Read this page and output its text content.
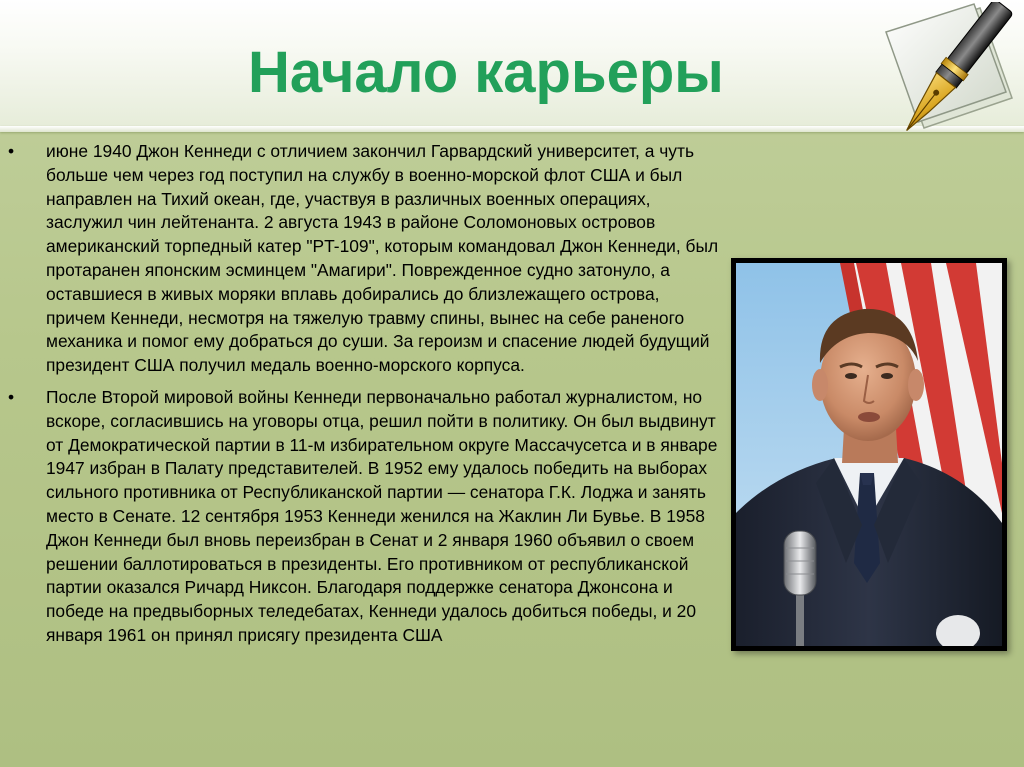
Начало карьеры
•	июне 1940 Джон Кеннеди с отличием закончил Гарвардский университет, а чуть больше чем через год поступил на службу в военно-морской флот США и был направлен на Тихий океан, где, участвуя в различных военных операциях, заслужил чин лейтенанта. 2 августа 1943 в районе Соломоновых островов американский торпедный катер "PT-109", которым командовал Джон Кеннеди, был протаранен японским эсминцем "Амагири". Поврежденное судно затонуло, а оставшиеся в живых моряки вплавь добирались до близлежащего острова, причем Кеннеди, несмотря на тяжелую травму спины, вынес на себе раненого механика и помог ему добраться до суши. За героизм и спасение людей будущий президент США получил медаль военно-морского корпуса.
•	После Второй мировой войны Кеннеди первоначально работал журналистом, но вскоре, согласившись на уговоры отца, решил пойти в политику. Он был выдвинут от Демократической партии в 11-м избирательном округе Массачусетса и в январе 1947 избран в Палату представителей. В 1952 ему удалось победить на выборах сильного противника от Республиканской партии — сенатора Г.К. Лоджа и занять место в Сенате. 12 сентября 1953 Кеннеди женился на Жаклин Ли Бувье. В 1958 Джон Кеннеди был вновь переизбран в Сенат и 2 января 1960 объявил о своем решении баллотироваться в президенты. Его противником от республиканской партии оказался Ричард Никсон. Благодаря поддержке сенатора Джонсона и победе на предвыборных теледебатах, Кеннеди удалось добиться победы, и 20 января 1961 он принял присягу президента США
